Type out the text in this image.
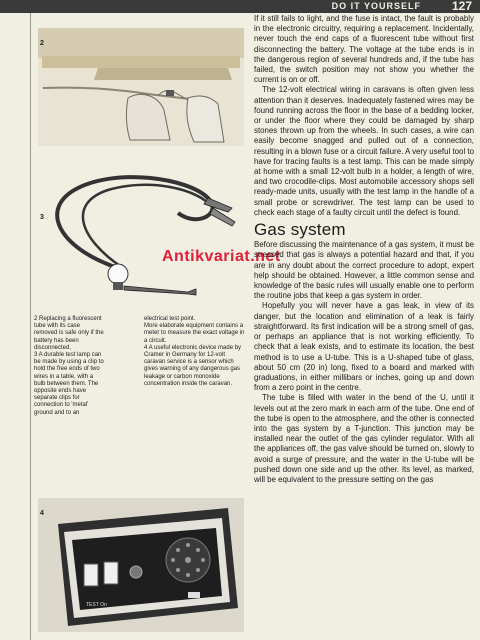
DO IT YOURSELF	127
2
3
Antikvariat.net

2 Replacing a fluorescent tube with its case removed is safe only if the battery has been disconnected.

3 A durable test lamp can be made by using a clip to hold the free ends of two wires in a table, with a bulb between them. The opposite ends have separate clips for connection to 'metal' ground and to an

electrical test point.

More elaborate equipment contains a meter to measure the exact voltage in a circuit.

4 A useful electronic device made by Cramer in Germany for 12-volt caravan service is a sensor which gives warning of any dangerous gas leakage or carbon monoxide concentration inside the caravan.

4
TEST On

If it still fails to light, and the fuse is intact, the fault is probably in the electronic circuitry, requiring a replacement. Incidentally, never touch the end caps of a fluorescent tube without first disconnecting the battery. The voltage at the tube ends is in the dangerous region of several hundreds and, if the tube has failed, the switch position may not show you whether the current is on or off.

The 12-volt electrical wiring in caravans is often given less attention than it deserves. Inadequately fastened wires may be found running across the floor in the base of a bedding locker, or under the floor where they could be damaged by sharp stones thrown up from the wheels. In such cases, a wire can easily become snagged and pulled out of a connection, resulting in a blown fuse or a circuit failure. A very useful tool to have for tracing faults is a test lamp. This can be made simply at home with a small 12-volt bulb in a holder, a length of wire, and two crocodile-clips. Most automobile accessory shops sell ready-made units, usually with the test lamp in the handle of a small probe or screwdriver. The test lamp can be used to check each stage of a faulty circuit until the defect is found.

Gas system

Before discussing the maintenance of a gas system, it must be stressed that gas is always a potential hazard and that, if you are in any doubt about the correct procedure to adopt, expert help should be obtained. However, a little common sense and knowledge of the basic rules will usually enable one to perform the routine jobs that keep a gas system in order.

Hopefully you will never have a gas leak, in view of its danger, but the location and elimination of a leak is fairly straightforward. Its first indication will be a strong smell of gas, or perhaps an appliance that is not working efficiently. To check that a leak exists, and to estimate its location, the best method is to use a U-tube. This is a U-shaped tube of glass, about 50 cm (20 in) long, fixed to a board and marked with graduations, in either millibars or inches, going up and down from a zero point in the centre.

The tube is filled with water in the bend of the U, until it levels out at the zero mark in each arm of the tube. One end of the tube is open to the atmosphere, and the other is connected into the gas system by a T-junction. This junction may be installed near the outlet of the gas cylinder regulator. With all the appliances off, the gas valve should be turned on, slowly to avoid a surge of pressure, and the water in the U-tube will be pushed down one side and up the other. Its level, as marked, will be equivalent to the pressure setting on the gas
